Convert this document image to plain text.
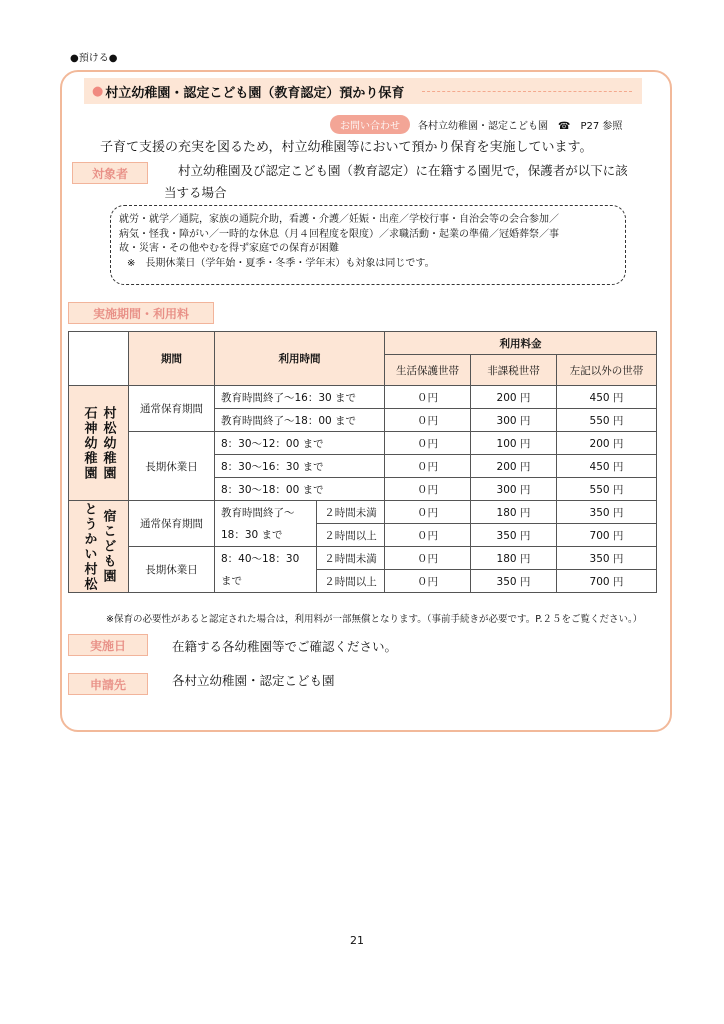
●預ける●
● 村立幼稚園・認定こども園（教育認定）預かり保育
お問い合わせ	各村立幼稚園・認定こども園　☎　P27 参照
子育て支援の充実を図るため，村立幼稚園等において預かり保育を実施しています。
対象者	村立幼稚園及び認定こども園（教育認定）に在籍する園児で，保護者が以下に該
当する場合
就労・就学／通院，家族の通院介助，看護・介護／妊娠・出産／学校行事・自治会等の会合参加／
病気・怪我・障がい／一時的な休息（月４回程度を限度）／求職活動・起業の準備／冠婚葬祭／事
故・災害・その他やむを得ず家庭での保育が困難
※　長期休業日（学年始・夏季・冬季・学年末）も対象は同じです。
実施期間・利用料
	期間	利用時間		利用料金		
				生活保護世帯	非課税世帯	左記以外の世帯

石神幼稚園 村松幼稚園	通常保育期間	教育時間終了～16：30 まで		０円	200 円	450 円
		教育時間終了～18：00 まで		０円	300 円	550 円
	長期休業日	8：30～12：00 まで		０円	100 円	200 円
		8：30～16：30 まで		０円	200 円	450 円
		8：30～18：00 まで		０円	300 円	550 円

とうかい村松 宿こども園	通常保育期間	教育時間終了～	２時間未満	０円	180 円	350 円
		18：30 まで	２時間以上	０円	350 円	700 円
	長期休業日	8：40～18：30	２時間未満	０円	180 円	350 円
		まで	２時間以上	０円	350 円	700 円
※保育の必要性があると認定された場合は，利用料が一部無償となります。（事前手続きが必要です。P.２５をご覧ください。）
実施日	在籍する各幼稚園等でご確認ください。
申請先	各村立幼稚園・認定こども園
21
